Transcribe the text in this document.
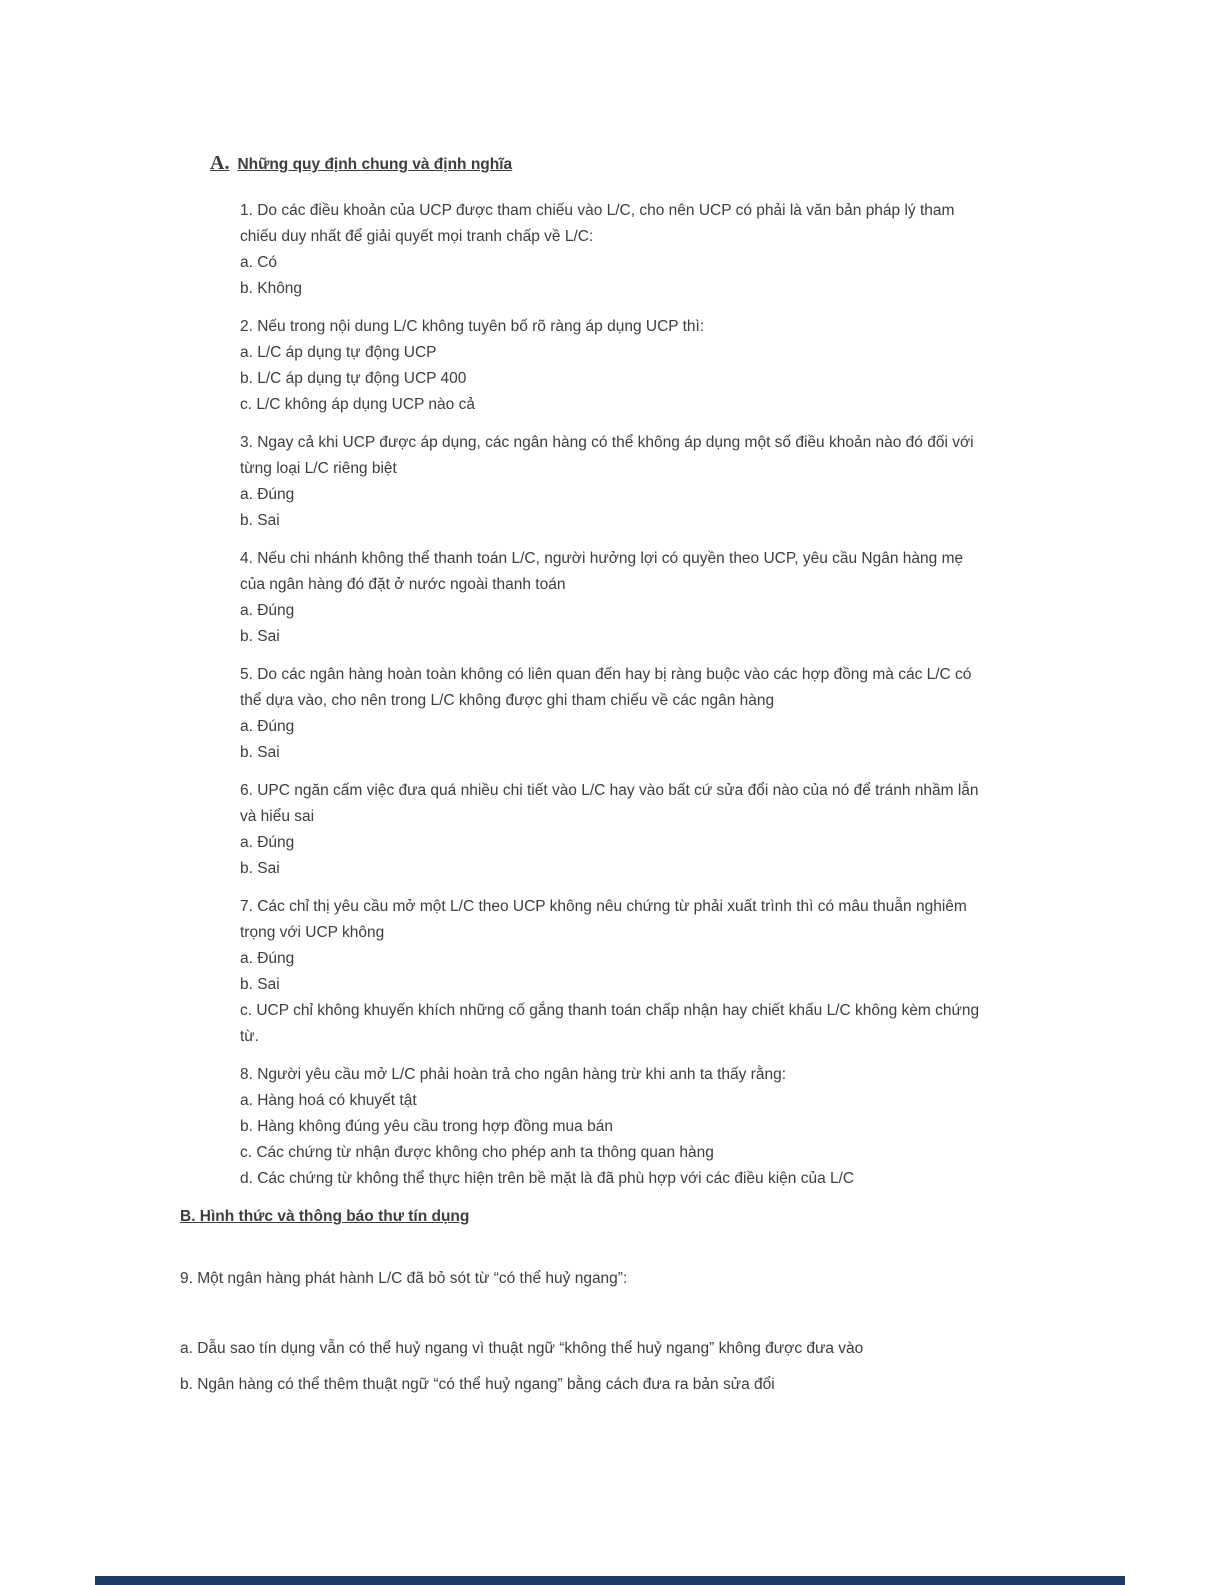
A. Những quy định chung và định nghĩa

1. Do các điều khoản của UCP được tham chiếu vào L/C, cho nên UCP có phải là văn bản pháp lý tham chiếu duy nhất để giải quyết mọi tranh chấp về L/C:

a. Có

b. Không

2. Nếu trong nội dung L/C không tuyên bố rõ ràng áp dụng UCP thì:

a. L/C áp dụng tự động UCP

b. L/C áp dụng tự động UCP 400

c. L/C không áp dụng UCP nào cả

3. Ngay cả khi UCP được áp dụng, các ngân hàng có thể không áp dụng một số điều khoản nào đó đối với từng loại L/C riêng biệt

a. Đúng

b. Sai

4. Nếu chi nhánh không thể thanh toán L/C, người hưởng lợi có quyền theo UCP, yêu cầu Ngân hàng mẹ của ngân hàng đó đặt ở nước ngoài thanh toán

a. Đúng

b. Sai

5. Do các ngân hàng hoàn toàn không có liên quan đến hay bị ràng buộc vào các hợp đồng mà các L/C có thể dựa vào, cho nên trong L/C không được ghi tham chiếu về các ngân hàng

a. Đúng

b. Sai

6. UPC ngăn cấm việc đưa quá nhiều chi tiết vào L/C hay vào bất cứ sửa đổi nào của nó để tránh nhầm lẫn và hiểu sai

a. Đúng

b. Sai

7. Các chỉ thị yêu cầu mở một L/C theo UCP không nêu chứng từ phải xuất trình thì có mâu thuẫn nghiêm trọng với UCP không

a. Đúng

b. Sai

c. UCP chỉ không khuyến khích những cố gắng thanh toán chấp nhận hay chiết khấu L/C không kèm chứng từ.

8. Người yêu cầu mở L/C phải hoàn trả cho ngân hàng trừ khi anh ta thấy rằng:

a. Hàng hoá có khuyết tật

b. Hàng không đúng yêu cầu trong hợp đồng mua bán

c. Các chứng từ nhận được không cho phép anh ta thông quan hàng

d. Các chứng từ không thể thực hiện trên bề mặt là đã phù hợp với các điều kiện của L/C

B. Hình thức và thông báo thư tín dụng

9. Một ngân hàng phát hành L/C đã bỏ sót từ “có thể huỷ ngang”:

a. Dẫu sao tín dụng vẫn có thể huỷ ngang vì thuật ngữ “không thể huỷ ngang” không được đưa vào

b. Ngân hàng có thể thêm thuật ngữ “có thể huỷ ngang” bằng cách đưa ra bản sửa đổi
